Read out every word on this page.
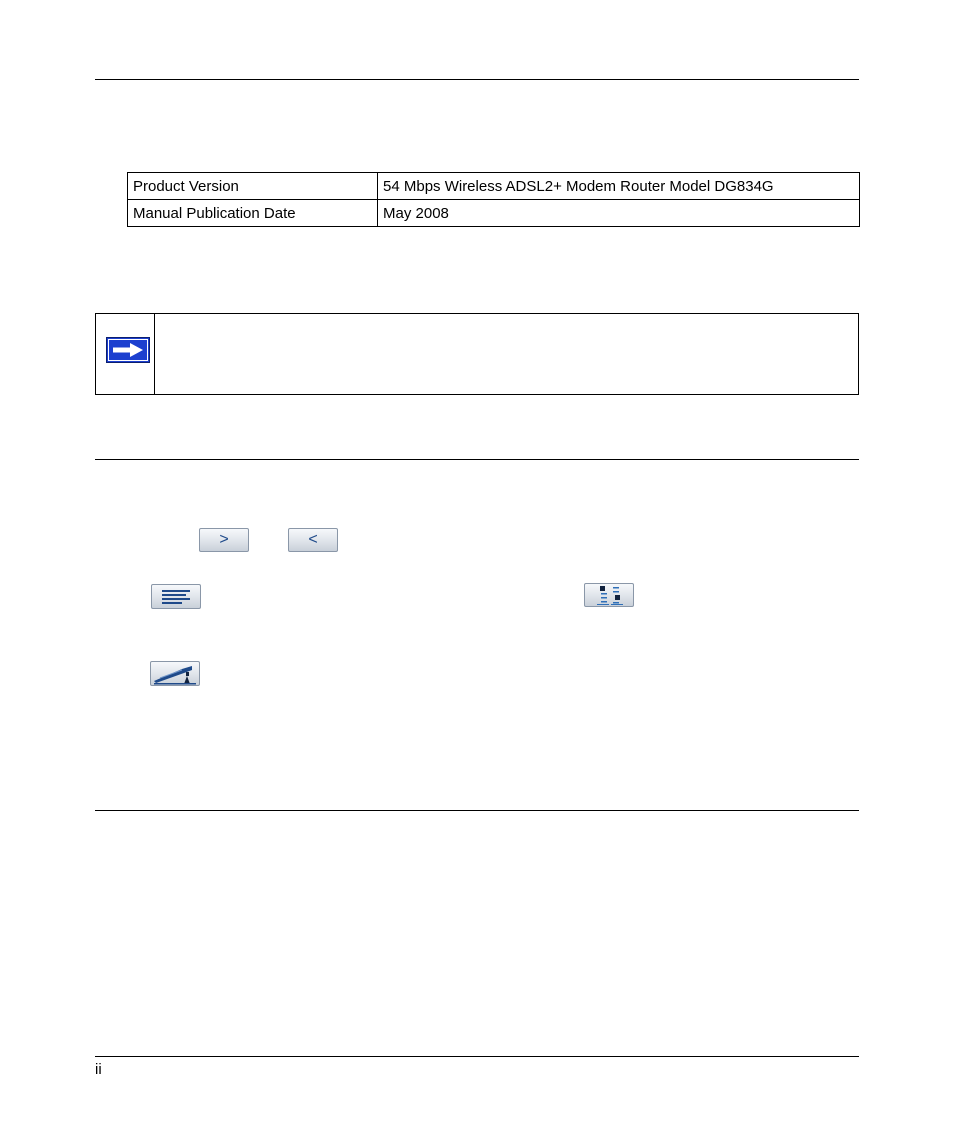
Product Version	54 Mbps Wireless ADSL2+ Modem Router Model DG834G
Manual Publication Date	May 2008
>	<
ii
